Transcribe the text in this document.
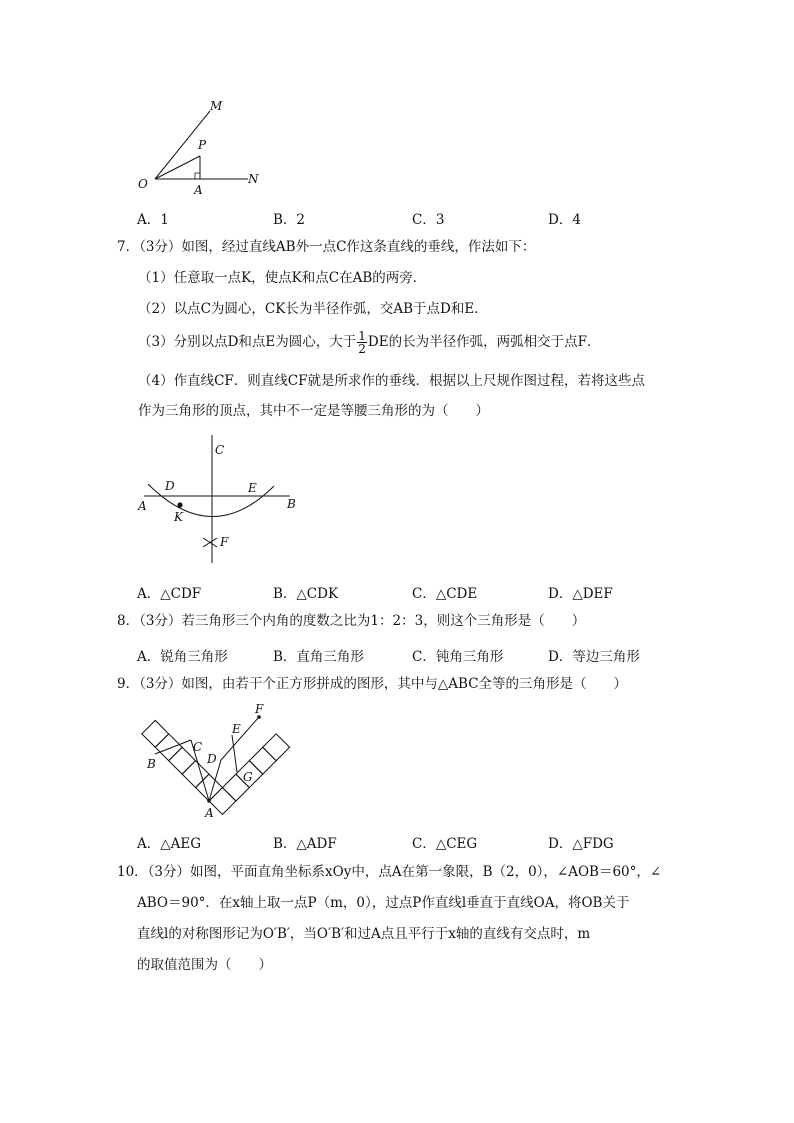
M
P
O	A
N
A．1	B．2	C．3	D．4
7．（3分）如图，经过直线AB外一点C作这条直线的垂线，作法如下：
（1）任意取一点K，使点K和点C在AB的两旁．
（2）以点C为圆心，CK长为半径作弧，交AB于点D和E．
（3）分别以点D和点E为圆心，大于 $\frac{1}{2}$ DE的长为半径作弧，两弧相交于点F．
（4）作直线CF．则直线CF就是所求作的垂线．根据以上尺规作图过程，若将这些点
作为三角形的顶点，其中不一定是等腰三角形的为（　　）
C
D	E
A
K
B
F
A．△CDF	B．△CDK	C．△CDE	D．△DEF
8．（3分）若三角形三个内角的度数之比为1：2：3，则这个三角形是（　　）
A．锐角三角形	B．直角三角形	C．钝角三角形	D．等边三角形
9．（3分）如图，由若干个正方形拼成的图形，其中与△ABC全等的三角形是（　　）
F
E
C
D
B
G
A
A．△AEG	B．△ADF	C．△CEG	D．△FDG
10．（3分）如图，平面直角坐标系xOy中，点A在第一象限，B（2，0），∠AOB＝60°，∠
ABO＝90°．在x轴上取一点P（m，0），过点P作直线l垂直于直线OA，将OB关于
直线l的对称图形记为O′B′，当O′B′和过A点且平行于x轴的直线有交点时，m
的取值范围为（　　）
